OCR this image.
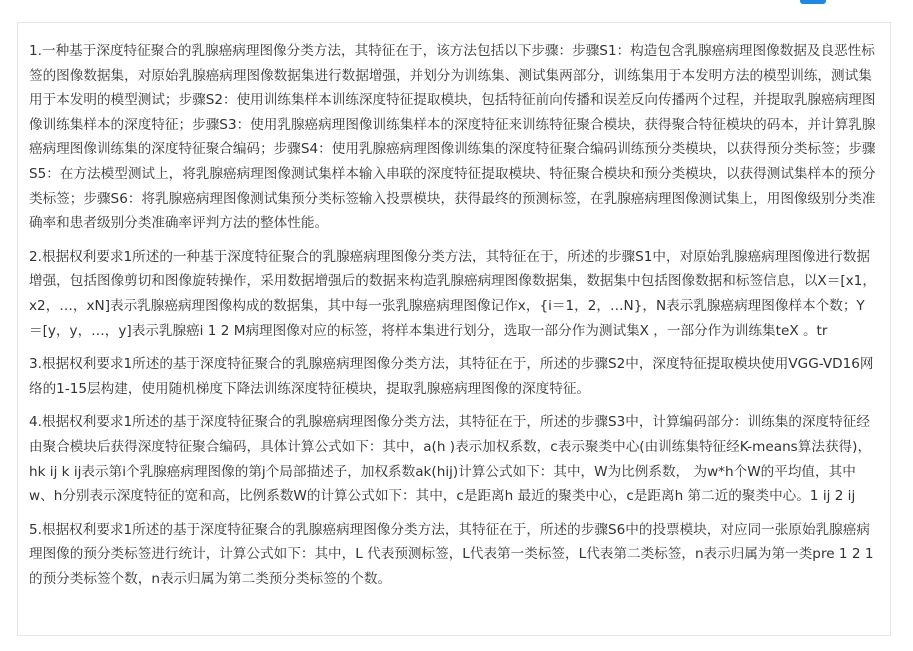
1.一种基于深度特征聚合的乳腺癌病理图像分类方法，其特征在于，该方法包括以下步骤：步骤S1：构造包含乳腺癌病理图像数据及良恶性标签的图像数据集，对原始乳腺癌病理图像数据集进行数据增强，并划分为训练集、测试集两部分，训练集用于本发明方法的模型训练，测试集用于本发明的模型测试；步骤S2：使用训练集样本训练深度特征提取模块，包括特征前向传播和误差反向传播两个过程，并提取乳腺癌病理图像训练集样本的深度特征；步骤S3：使用乳腺癌病理图像训练集样本的深度特征来训练特征聚合模块，获得聚合特征模块的码本，并计算乳腺癌病理图像训练集的深度特征聚合编码；步骤S4：使用乳腺癌病理图像训练集的深度特征聚合编码训练预分类模块，以获得预分类标签；步骤S5：在方法模型测试上，将乳腺癌病理图像测试集样本输入串联的深度特征提取模块、特征聚合模块和预分类模块，以获得测试集样本的预分类标签；步骤S6：将乳腺癌病理图像测试集预分类标签输入投票模块，获得最终的预测标签，在乳腺癌病理图像测试集上，用图像级别分类准确率和患者级别分类准确率评判方法的整体性能。

2.根据权利要求1所述的一种基于深度特征聚合的乳腺癌病理图像分类方法，其特征在于，所述的步骤S1中，对原始乳腺癌病理图像进行数据增强，包括图像剪切和图像旋转操作，采用数据增强后的数据来构造乳腺癌病理图像数据集，数据集中包括图像数据和标签信息，以X＝[x1，x2，…，xN]表示乳腺癌病理图像构成的数据集，其中每一张乳腺癌病理图像记作x，{i＝1，2，…N}，N表示乳腺癌病理图像样本个数；Y＝[y，y，…，y]表示乳腺癌i 1 2 M病理图像对应的标签，将样本集进行划分，选取一部分作为测试集X ，一部分作为训练集teX 。tr

3.根据权利要求1所述的基于深度特征聚合的乳腺癌病理图像分类方法，其特征在于，所述的步骤S2中，深度特征提取模块使用VGG-VD16网络的1-15层构建，使用随机梯度下降法训练深度特征模块，提取乳腺癌病理图像的深度特征。

4.根据权利要求1所述的基于深度特征聚合的乳腺癌病理图像分类方法，其特征在于，所述的步骤S3中，计算编码部分：训练集的深度特征经由聚合模块后获得深度特征聚合编码，具体计算公式如下：其中，a(h )表示加权系数，c表示聚类中心(由训练集特征经K-means算法获得)，hk ij k ij表示第i个乳腺癌病理图像的第j个局部描述子，加权系数ak(hij)计算公式如下：其中，W为比例系数， 为w*h个W的平均值，其中w、h分别表示深度特征的宽和高，比例系数W的计算公式如下：其中，c是距离h 最近的聚类中心，c是距离h 第二近的聚类中心。1 ij 2 ij

5.根据权利要求1所述的基于深度特征聚合的乳腺癌病理图像分类方法，其特征在于，所述的步骤S6中的投票模块，对应同一张原始乳腺癌病理图像的预分类标签进行统计，计算公式如下：其中，L 代表预测标签，L代表第一类标签，L代表第二类标签，n表示归属为第一类pre 1 2 1的预分类标签个数，n表示归属为第二类预分类标签的个数。
